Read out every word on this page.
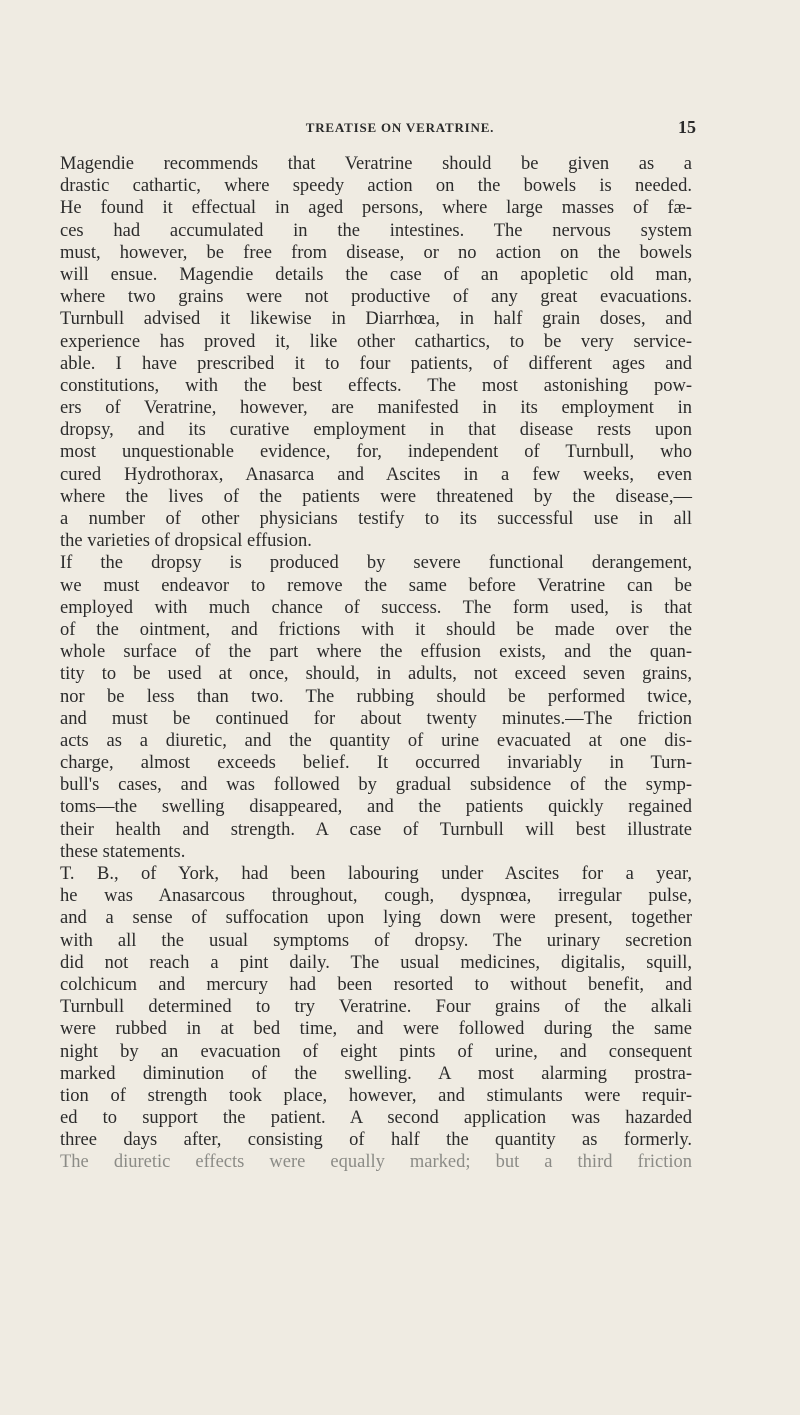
TREATISE ON VERATRINE.	15
Magendie recommends that Veratrine should be given as a
drastic cathartic, where speedy action on the bowels is needed.
He found it effectual in aged persons, where large masses of fæ-
ces had accumulated in the intestines. The nervous system
must, however, be free from disease, or no action on the bowels
will ensue. Magendie details the case of an apopletic old man,
where two grains were not productive of any great evacuations.
Turnbull advised it likewise in Diarrhœa, in half grain doses, and
experience has proved it, like other cathartics, to be very service-
able. I have prescribed it to four patients, of different ages and
constitutions, with the best effects. The most astonishing pow-
ers of Veratrine, however, are manifested in its employment in
dropsy, and its curative employment in that disease rests upon
most unquestionable evidence, for, independent of Turnbull, who
cured Hydrothorax, Anasarca and Ascites in a few weeks, even
where the lives of the patients were threatened by the disease,—
a number of other physicians testify to its successful use in all
the varieties of dropsical effusion.
If the dropsy is produced by severe functional derangement,
we must endeavor to remove the same before Veratrine can be
employed with much chance of success. The form used, is that
of the ointment, and frictions with it should be made over the
whole surface of the part where the effusion exists, and the quan-
tity to be used at once, should, in adults, not exceed seven grains,
nor be less than two. The rubbing should be performed twice,
and must be continued for about twenty minutes.—The friction
acts as a diuretic, and the quantity of urine evacuated at one dis-
charge, almost exceeds belief. It occurred invariably in Turn-
bull's cases, and was followed by gradual subsidence of the symp-
toms—the swelling disappeared, and the patients quickly regained
their health and strength. A case of Turnbull will best illustrate
these statements.
T. B., of York, had been labouring under Ascites for a year,
he was Anasarcous throughout, cough, dyspnœa, irregular pulse,
and a sense of suffocation upon lying down were present, together
with all the usual symptoms of dropsy. The urinary secretion
did not reach a pint daily. The usual medicines, digitalis, squill,
colchicum and mercury had been resorted to without benefit, and
Turnbull determined to try Veratrine. Four grains of the alkali
were rubbed in at bed time, and were followed during the same
night by an evacuation of eight pints of urine, and consequent
marked diminution of the swelling. A most alarming prostra-
tion of strength took place, however, and stimulants were requir-
ed to support the patient. A second application was hazarded
three days after, consisting of half the quantity as formerly.
The diuretic effects were equally marked; but a third friction
